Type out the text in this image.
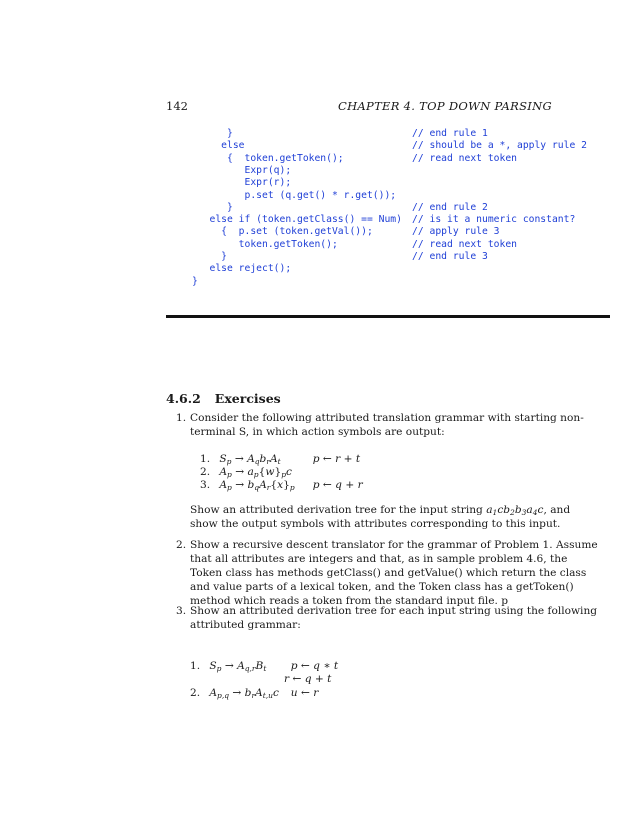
142	CHAPTER 4. TOP DOWN PARSING
}	// end rule 1
else	// should be a *, apply rule 2
{  token.getToken();	// read next token
Expr(q);
Expr(r);
p.set (q.get() * r.get());
}	// end rule 2
else if (token.getClass() == Num) // is it a numeric constant?
{  p.set (token.getVal());	// apply rule 3
token.getToken();	// read next token
}	// end rule 3
else reject();
}
4.6.2 Exercises
1. Consider the following attributed translation grammar with starting non-
terminal S, in which action symbols are output:
1. $S_p \to A_qb_rA_t$	p ← r + t
2. $A_p \to a_p\{w\}_pc$
3. $A_p \to b_qA_r\{x\}_p$ p ← q + r
Show an attributed derivation tree for the input string $a_1cb_2b_3a_4c$, and
show the output symbols with attributes corresponding to this input.
2. Show a recursive descent translator for the grammar of Problem 1. Assume
that all attributes are integers and that, as in sample problem 4.6, the
Token class has methods getClass() and getValue() which return the class
and value parts of a lexical token, and the Token class has a getToken()
method which reads a token from the standard input file. p
3. Show an attributed derivation tree for each input string using the following
attributed grammar:
1. $S_p \to A_{q,r}B_t$ p ← q ∗ t
r ← q + t
2. $A_{p,q} \to b_rA_{t,u}c$ u ← r
